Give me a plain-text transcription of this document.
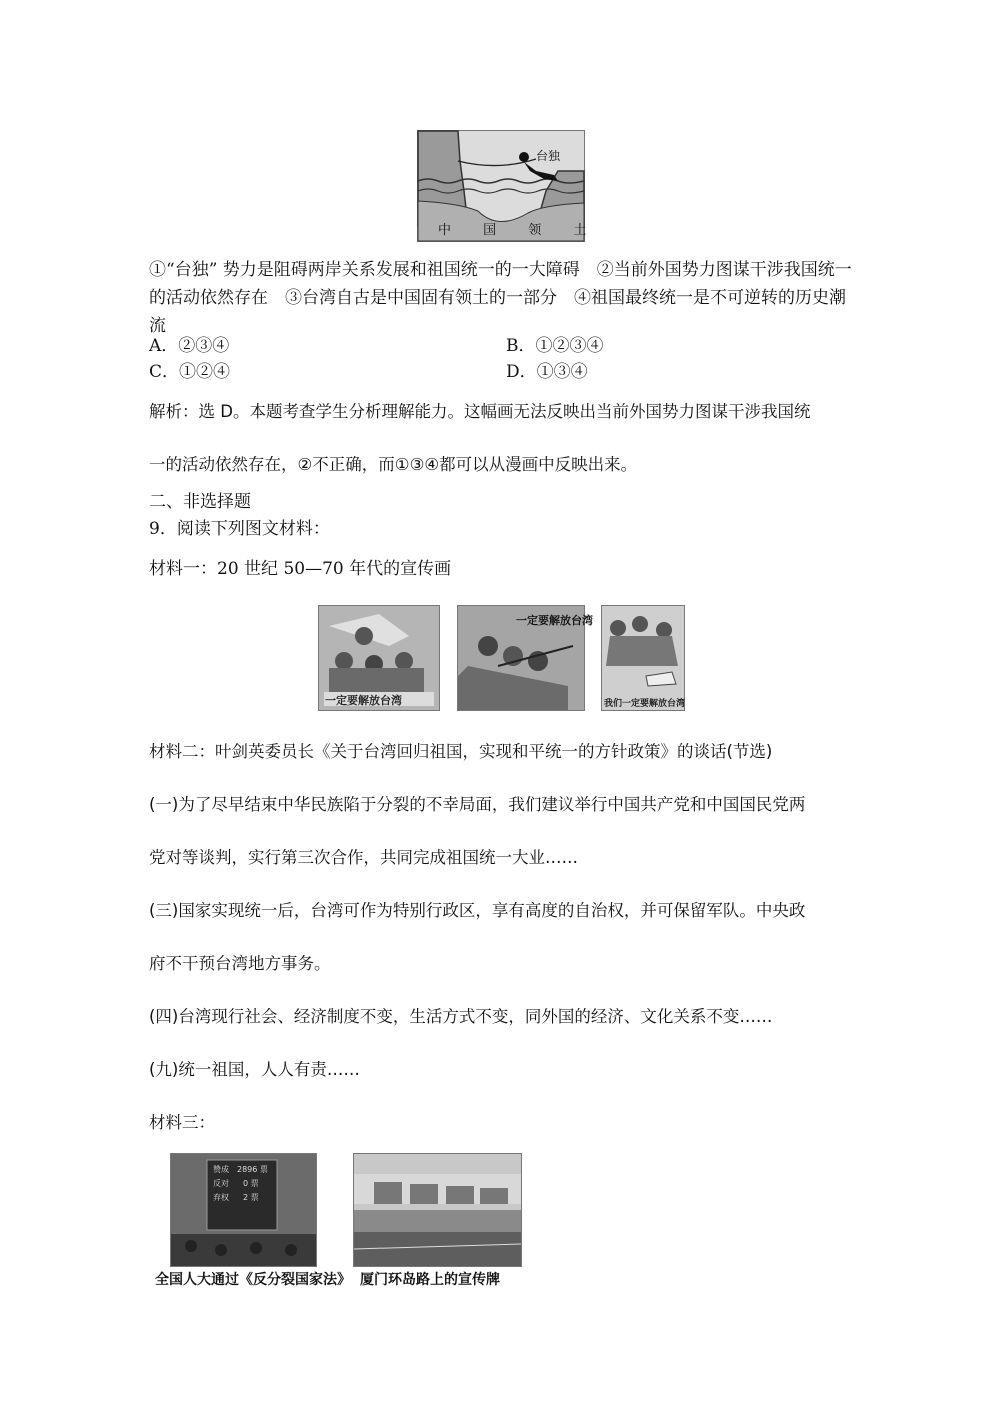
台独
中 国 领 土
①“台独” 势力是阻碍两岸关系发展和祖国统一的一大障碍　②当前外国势力图谋干涉我国统一的活动依然存在　③台湾自古是中国固有领土的一部分　④祖国最终统一是不可逆转的历史潮流
A．②③④	B．①②③④
C．①②④	D．①③④
解析：选 D。本题考查学生分析理解能力。这幅画无法反映出当前外国势力图谋干涉我国统
一的活动依然存在，②不正确，而①③④都可以从漫画中反映出来。
二、非选择题
9．阅读下列图文材料：
材料一：20 世纪 50—70 年代的宣传画
一定要解放台湾
一定要解放台湾
我们一定要解放台湾
材料二：叶剑英委员长《关于台湾回归祖国，实现和平统一的方针政策》的谈话(节选)
(一)为了尽早结束中华民族陷于分裂的不幸局面，我们建议举行中国共产党和中国国民党两
党对等谈判，实行第三次合作，共同完成祖国统一大业……
(三)国家实现统一后，台湾可作为特别行政区，享有高度的自治权，并可保留军队。中央政
府不干预台湾地方事务。
(四)台湾现行社会、经济制度不变，生活方式不变，同外国的经济、文化关系不变……
(九)统一祖国，人人有责……
材料三：
赞成 2896 票
反对 0 票
弃权 2 票
全国人大通过《反分裂国家法》 厦门环岛路上的宣传牌
